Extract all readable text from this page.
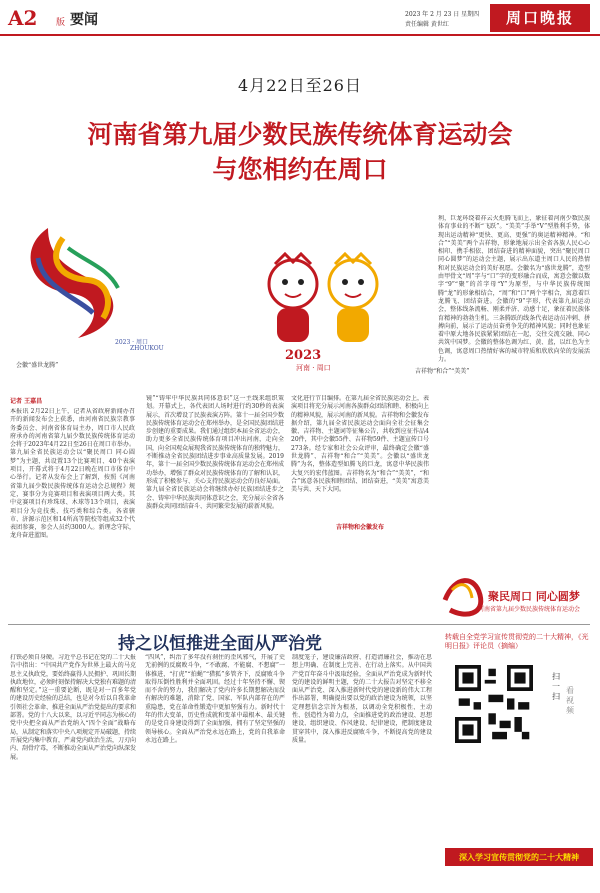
A2 版 要闻	2023 年 2 月 23 日 星期四
责任编辑 黄世红	周口晚报
4月22日至26日
河南省第九届少数民族传统体育运动会
与您相约在周口
2023 · 周口
ZHOUKOU
会徽“盛世龙腾”
2023
河南 · 周口	吉祥物“和合”“美美”
记者 王嘉昌
本报讯 2月22日上午，记者从省政府新闻办召开的新闻发布会上获悉，由河南省民族宗教事务委员会、河南省体育局主办，周口市人民政府承办的河南省第九届少数民族传统体育运动会将于2023年4月22日至26日在周口市举办。第九届全省民族运动会以“聚民周口 同心圆梦”为主题，共设置13个比赛项目、40个表演项目，开幕式将于4月22日晚在周口市体育中心举行。记者从发布会上了解到，按照《河南省第九届少数民族传统体育运动会总规程》规定，赛事分为竞赛项目和表演项目两大类。其中竞赛项目有珍珠球、木球等13个项目，表演项目分为竞技类、技巧类和综合类。各省辖市、济源示范区和14所高等院校等组成32个代表团参赛，参会人员约3000人。新理念守际，龙舟奋进蓝图。
镜”“铸牢中华民族共同体意识”这一主线来组织策划。开幕式上，各代表团人场时进行约30秒的表演展示，首次增设了民族表演方阵。第十一届全国少数民族传统体育运动会在郑州举办，是全国民族团结进步创建的重要成果。我们通过组织本届全省运动会，助力更多全省民族传统体育项目冲出河南，走向全国，向全国观众展现我省民族传统体育的独特魅力，不断推动全省民族团结进步事业高质量发展。2019年，第十一届全国少数民族传统体育运动会在郑州成功举办，增强了群众对民族传统体育的了解和认识，形成了积极参与、关心支持民族运动会的良好局面。第九届全省民族运动会将继续办好民族团结进步之会、铸牢中华民族共同体意识之会，充分展示全省各族群众共同团结奋斗、共同繁荣发展的崭新风貌。
文化进行节目编排。在第九届全省民族运动会上，表演项目将充分展示河南各族群众团结和睦、积极向上的精神风貌，展示河南的新风貌。吉祥物和会徽发布 据介绍，第九届全省民族运动会面向全社会征集会徽、吉祥物、主题词等征集公告，共收到应征作品420件，其中会徽55件、吉祥物59件、主题宣传口号273条。经专家和社会公众评审，最终确定会徽“盛世龙腾”、吉祥物“和合”“美美”。会徽以“盛世龙腾”为名，整体造型如腾飞的巨龙，寓意中华民族伟大复兴的宏伟蓝图。吉祥物名为“和合”“美美”，“和合”寓意各民族和睦团结、团结奋进，“美美”寓意美美与共、天下大同。
吉祥物和会徽发布
利，巨龙环绕着祥云火炬腾飞而上，象征着河南少数民族体育事业的不断“飞跃”。“美美”手举“V”型胜利手势，体现出运动精神“更快、更高、更强”的奥运精神精神。“和合”“美美”两个吉祥物，形象地展示出全省各族人民心心相印、携手相依、团结奋进的精神面貌，突出“聚民周口 同心圆梦”的运动会主题，展示出东道主周口人民的热情和对民族运动会的美好祝愿。会徽名为“盛世龙腾”，造型由甲骨文“周”字与“口”字的变形融合而成，寓意会徽以数字“9”“聚”的首字母“Y”为原型，与中华民族传统图腾“龙”的形象相结合，“周”和“口”两个字相合，寓意着巨龙腾飞、团结奋进。会徽的“9”字形，代表第九届运动会，整体线条流畅、刚柔并济、动感十足，象征着民族体育精神的勃勃生机。三条腾跃的线条代表运动员冲刺、拼搏向前，展示了运动员奋勇争先的精神风貌；同时也象征着中原大地各民族紧紧团结在一起，交往交流交融、同心共筑中国梦。会徽的整体色调为红、黄、蓝，以红色为主色调，寓意周口热情好客的城市特质和欣欣向荣的发展活力。
聚民周口 同心圆梦
河南省第九届少数民族传统体育运动会
持之以恒推进全面从严治党	转载自全党学习宣传贯彻党的二十大精神，《光明日报》评论员（摘编）
扫一扫
看视频
打铁必须自身硬。习近平总书记在党的二十大报告中指出：“中国共产党作为世界上最大的马克思主义执政党，要始终赢得人民拥护、巩固长期执政地位，必须时刻保持解决大党独有难题的清醒和坚定。”这一重要论断，既是对一百多年党的建设历史经验的总结，也是对今后以自我革命引领社会革命、推进全面从严治党提出的要求和部署。党的十八大以来，以习近平同志为核心的党中央把全面从严治党纳入“四个全面”战略布局，从制定和落实中央八项规定开局破题，持续开展党内集中教育，严肃党内政治生活，刀刃向内、刮骨疗毒，不断推动全面从严治党向纵深发展。
“四风”，纠治了多年没有刹住的歪风邪气，开展了史无前例的反腐败斗争，“不敢腐、不能腐、不想腐”一体推进，“打虎”“拍蝇”“猎狐”多管齐下，反腐败斗争取得压倒性胜利并全面巩固。经过十年坚持不懈、锲而不舍的努力，我们解决了党内许多长期想解决而没有解决的难题，消除了党、国家、军队内部存在的严重隐患，党在革命性锻造中更加坚强有力。新时代十年的伟大变革，历史性成就和变革中最根本、最关键的是党自身建设得到了全面加强，拥有了坚定坚强的领导核心。全面从严治党永远在路上，党的自我革命永远在路上。
制度笼子，建设廉洁政府、打造清廉社会，推动在思想上明确、在制度上完善、在行动上落实。从中国共产党百年奋斗中汲取经验，全面从严治党成为新时代党的建设的鲜明主题，党的二十大报告对坚定不移全面从严治党、深入推进新时代党的建设新的伟大工程作出部署，明确提出要以党的政治建设为统领，以坚定理想信念宗旨为根基，以调动全党积极性、主动性、创造性为着力点，全面推进党的政治建设、思想建设、组织建设、作风建设、纪律建设，把制度建设贯穿其中，深入推进反腐败斗争，不断提高党的建设质量。
深入学习宣传贯彻党的二十大精神
